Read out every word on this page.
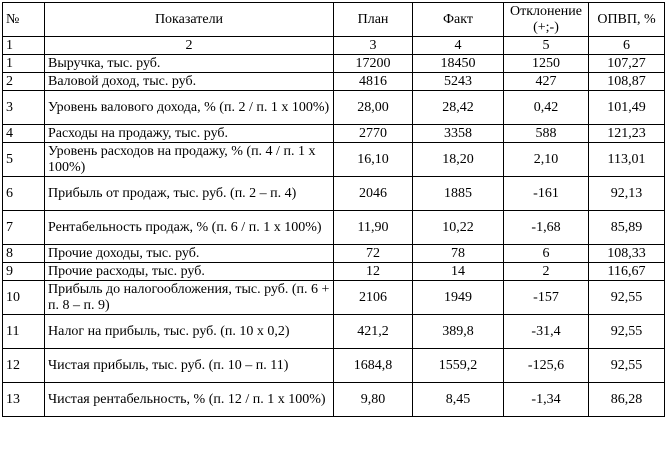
№	Показатели	План	Факт	Отклонение (+;-)	ОПВП, %
1	2	3	4	5	6
1	Выручка, тыс. руб.	17200	18450	1250	107,27
2	Валовой доход, тыс. руб.	4816	5243	427	108,87
3	Уровень валового дохода, % (п. 2 / п. 1 х 100%)	28,00	28,42	0,42	101,49
4	Расходы на продажу, тыс. руб.	2770	3358	588	121,23
5	Уровень расходов на продажу, % (п. 4 / п. 1 х 100%)	16,10	18,20	2,10	113,01
6	Прибыль от продаж, тыс. руб. (п. 2 – п. 4)	2046	1885	-161	92,13
7	Рентабельность продаж, % (п. 6 / п. 1 х 100%)	11,90	10,22	-1,68	85,89
8	Прочие доходы, тыс. руб.	72	78	6	108,33
9	Прочие расходы, тыс. руб.	12	14	2	116,67
10	Прибыль до налогообложения, тыс. руб. (п. 6 + п. 8 – п. 9)	2106	1949	-157	92,55
11	Налог на прибыль, тыс. руб. (п. 10 х 0,2)	421,2	389,8	-31,4	92,55
12	Чистая прибыль, тыс. руб. (п. 10 – п. 11)	1684,8	1559,2	-125,6	92,55
13	Чистая рентабельность, % (п. 12 / п. 1 х 100%)	9,80	8,45	-1,34	86,28
